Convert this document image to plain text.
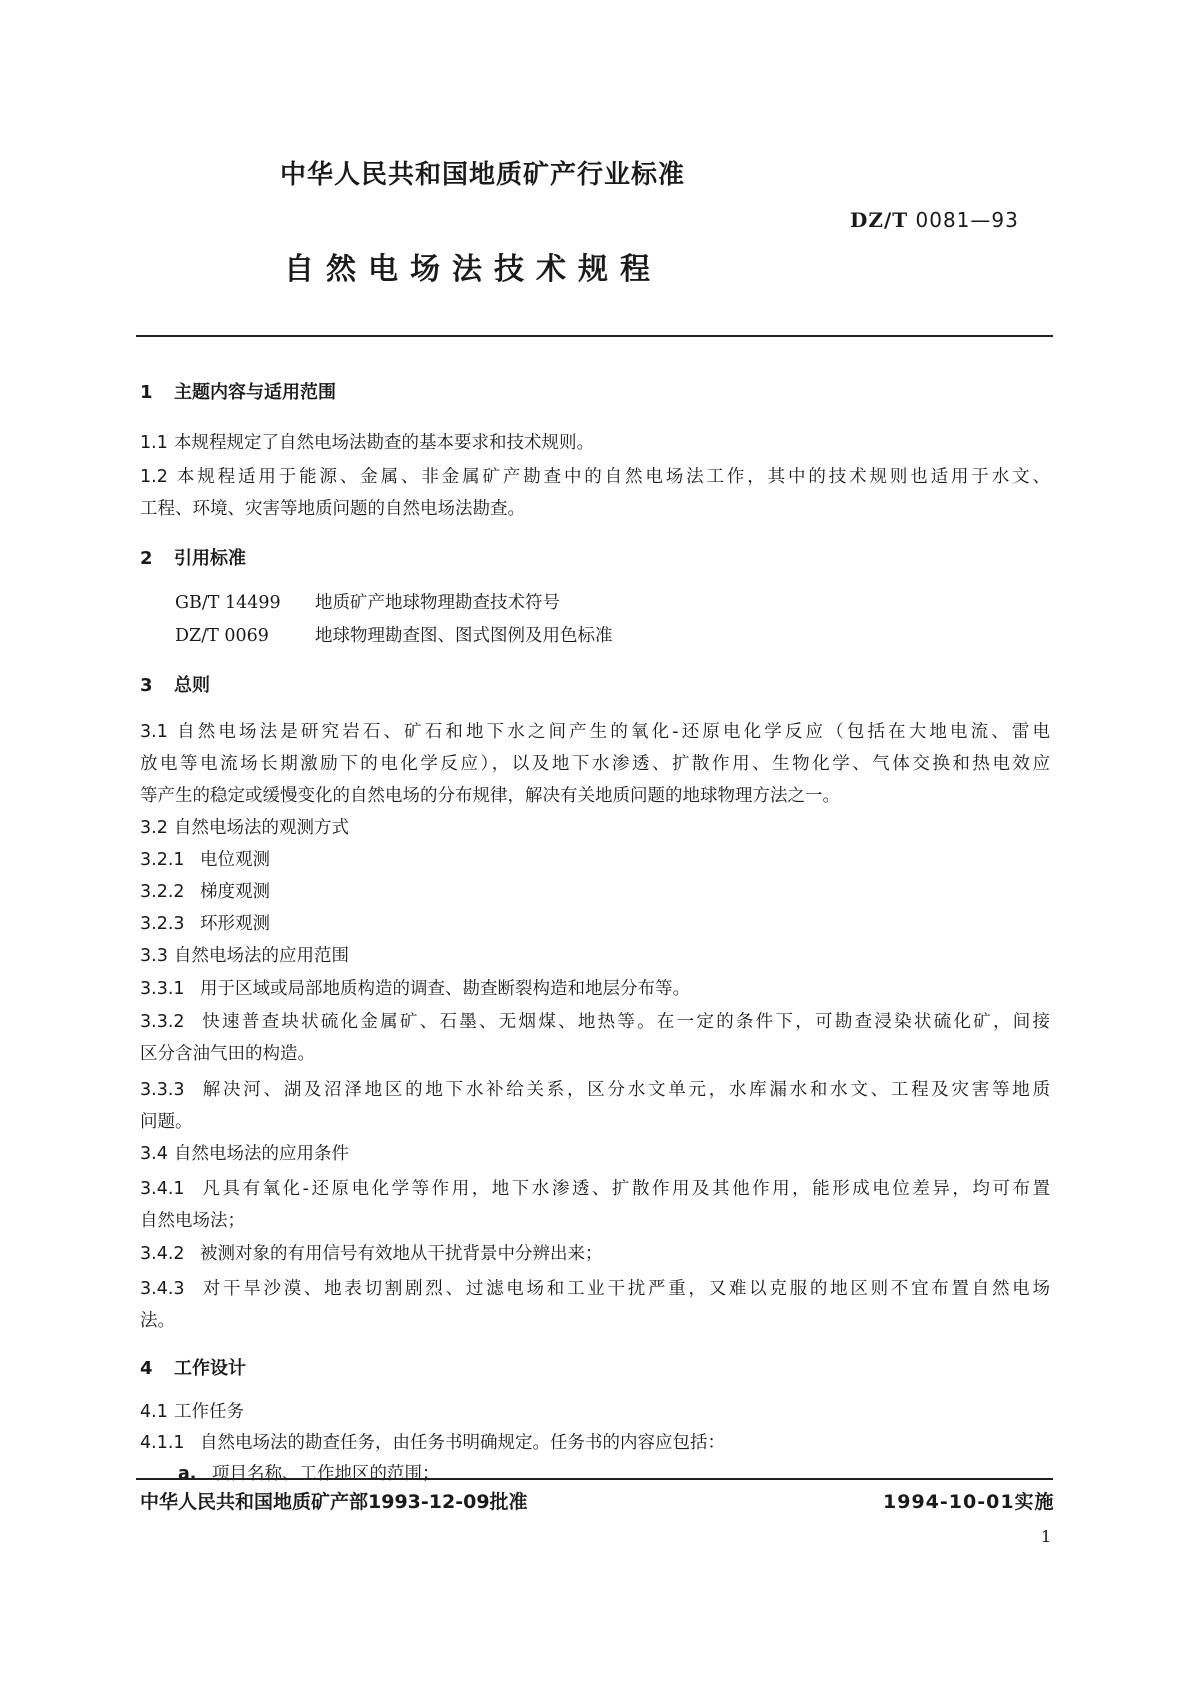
中华人民共和国地质矿产行业标准
DZ/T 0081—93
自然电场法技术规程
1 主题内容与适用范围
1.1 本规程规定了自然电场法勘查的基本要求和技术规则。
1.2 本规程适用于能源、金属、非金属矿产勘查中的自然电场法工作，其中的技术规则也适用于水文、
工程、环境、灾害等地质问题的自然电场法勘查。
2 引用标准
GB/T 14499 地质矿产地球物理勘查技术符号
DZ/T 0069	地球物理勘查图、图式图例及用色标准
3 总则
3.1 自然电场法是研究岩石、矿石和地下水之间产生的氧化-还原电化学反应（包括在大地电流、雷电
放电等电流场长期激励下的电化学反应），以及地下水渗透、扩散作用、生物化学、气体交换和热电效应
等产生的稳定或缓慢变化的自然电场的分布规律，解决有关地质问题的地球物理方法之一。
3.2 自然电场法的观测方式
3.2.1 电位观测
3.2.2 梯度观测
3.2.3 环形观测
3.3 自然电场法的应用范围
3.3.1 用于区域或局部地质构造的调查、勘查断裂构造和地层分布等。
3.3.2 快速普查块状硫化金属矿、石墨、无烟煤、地热等。在一定的条件下，可勘查浸染状硫化矿，间接
区分含油气田的构造。
3.3.3 解决河、湖及沼泽地区的地下水补给关系，区分水文单元，水库漏水和水文、工程及灾害等地质
问题。
3.4 自然电场法的应用条件
3.4.1 凡具有氧化-还原电化学等作用，地下水渗透、扩散作用及其他作用，能形成电位差异，均可布置
自然电场法；
3.4.2 被测对象的有用信号有效地从干扰背景中分辨出来；
3.4.3 对干旱沙漠、地表切割剧烈、过滤电场和工业干扰严重，又难以克服的地区则不宜布置自然电场
法。
4 工作设计
4.1 工作任务
4.1.1 自然电场法的勘查任务，由任务书明确规定。任务书的内容应包括：
a. 项目名称、工作地区的范围；
中华人民共和国地质矿产部1993-12-09批准	1994-10-01实施
1
